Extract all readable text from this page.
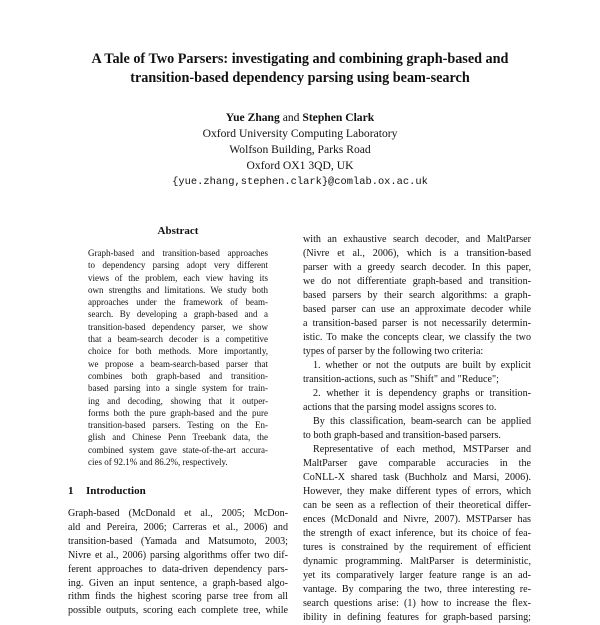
A Tale of Two Parsers: investigating and combining graph-based and
transition-based dependency parsing using beam-search
Yue Zhang and Stephen Clark
Oxford University Computing Laboratory
Wolfson Building, Parks Road
Oxford OX1 3QD, UK
{yue.zhang,stephen.clark}@comlab.ox.ac.uk
Abstract
Graph-based and transition-based approaches
to dependency parsing adopt very different
views of the problem, each view having its
own strengths and limitations. We study both
approaches under the framework of beam-
search. By developing a graph-based and a
transition-based dependency parser, we show
that a beam-search decoder is a competitive
choice for both methods. More importantly,
we propose a beam-search-based parser that
combines both graph-based and transition-
based parsing into a single system for train-
ing and decoding, showing that it outper-
forms both the pure graph-based and the pure
transition-based parsers. Testing on the En-
glish and Chinese Penn Treebank data, the
combined system gave state-of-the-art accura-
cies of 92.1% and 86.2%, respectively.
1 Introduction
Graph-based (McDonald et al., 2005; McDon-
ald and Pereira, 2006; Carreras et al., 2006) and
transition-based (Yamada and Matsumoto, 2003;
Nivre et al., 2006) parsing algorithms offer two dif-
ferent approaches to data-driven dependency pars-
ing. Given an input sentence, a graph-based algo-
rithm finds the highest scoring parse tree from all
possible outputs, scoring each complete tree, while
with an exhaustive search decoder, and MaltParser
(Nivre et al., 2006), which is a transition-based
parser with a greedy search decoder. In this paper,
we do not differentiate graph-based and transition-
based parsers by their search algorithms: a graph-
based parser can use an approximate decoder while
a transition-based parser is not necessarily determin-
istic. To make the concepts clear, we classify the two
types of parser by the following two criteria:
1. whether or not the outputs are built by explicit
transition-actions, such as "Shift" and "Reduce";
2. whether it is dependency graphs or transition-
actions that the parsing model assigns scores to.
By this classification, beam-search can be applied
to both graph-based and transition-based parsers.
Representative of each method, MSTParser and
MaltParser gave comparable accuracies in the
CoNLL-X shared task (Buchholz and Marsi, 2006).
However, they make different types of errors, which
can be seen as a reflection of their theoretical differ-
ences (McDonald and Nivre, 2007). MSTParser has
the strength of exact inference, but its choice of fea-
tures is constrained by the requirement of efficient
dynamic programming. MaltParser is deterministic,
yet its comparatively larger feature range is an ad-
vantage. By comparing the two, three interesting re-
search questions arise: (1) how to increase the flex-
ibility in defining features for graph-based parsing;
